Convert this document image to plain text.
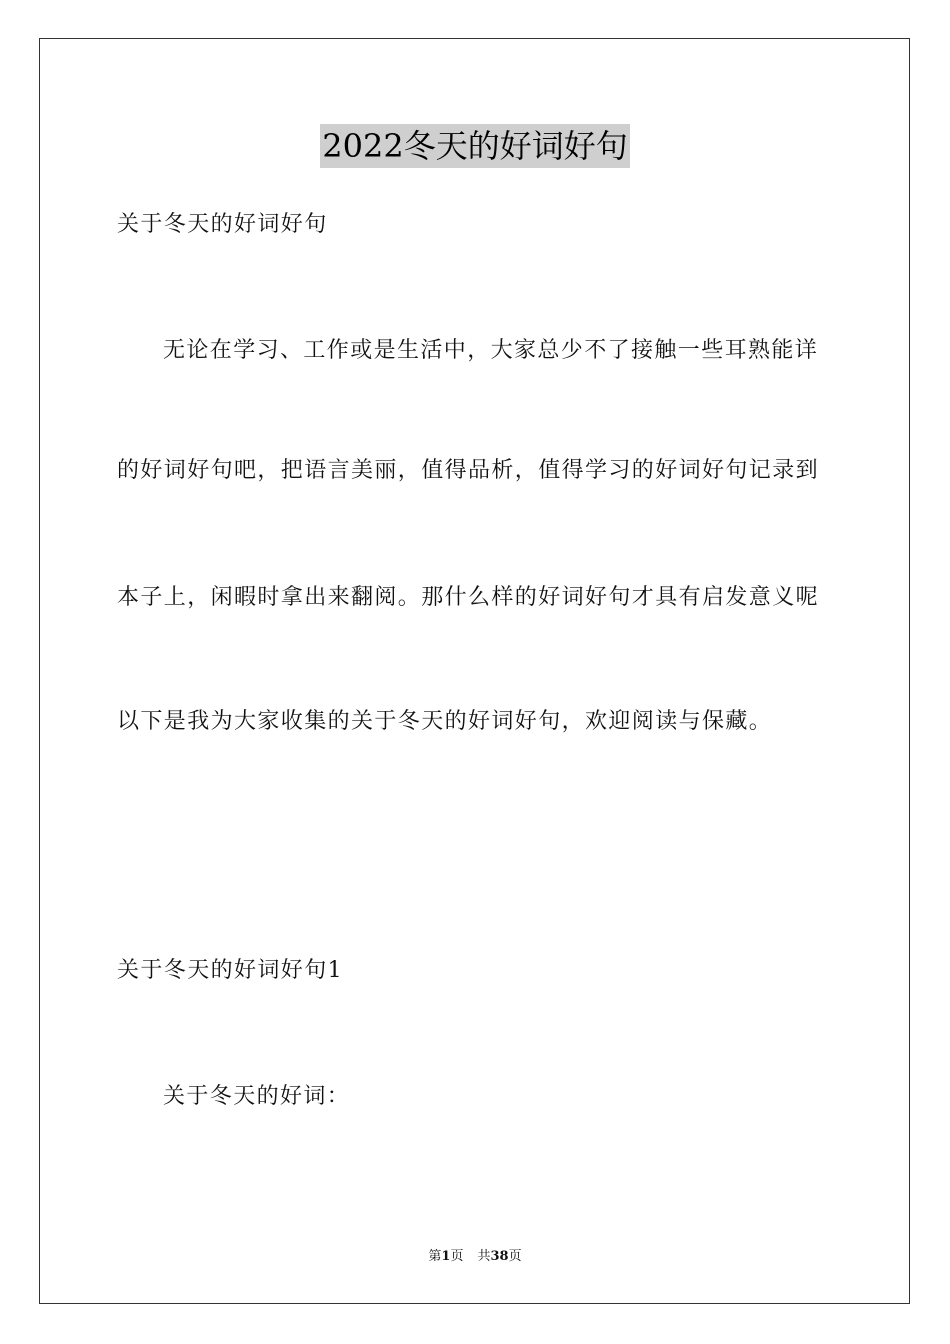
2022冬天的好词好句
关于冬天的好词好句
无论在学习、工作或是生活中，大家总少不了接触一些耳熟能详
的好词好句吧，把语言美丽，值得品析，值得学习的好词好句记录到
本子上，闲暇时拿出来翻阅。那什么样的好词好句才具有启发意义呢
以下是我为大家收集的关于冬天的好词好句，欢迎阅读与保藏。
关于冬天的好词好句1
关于冬天的好词：
第1页 共38页
